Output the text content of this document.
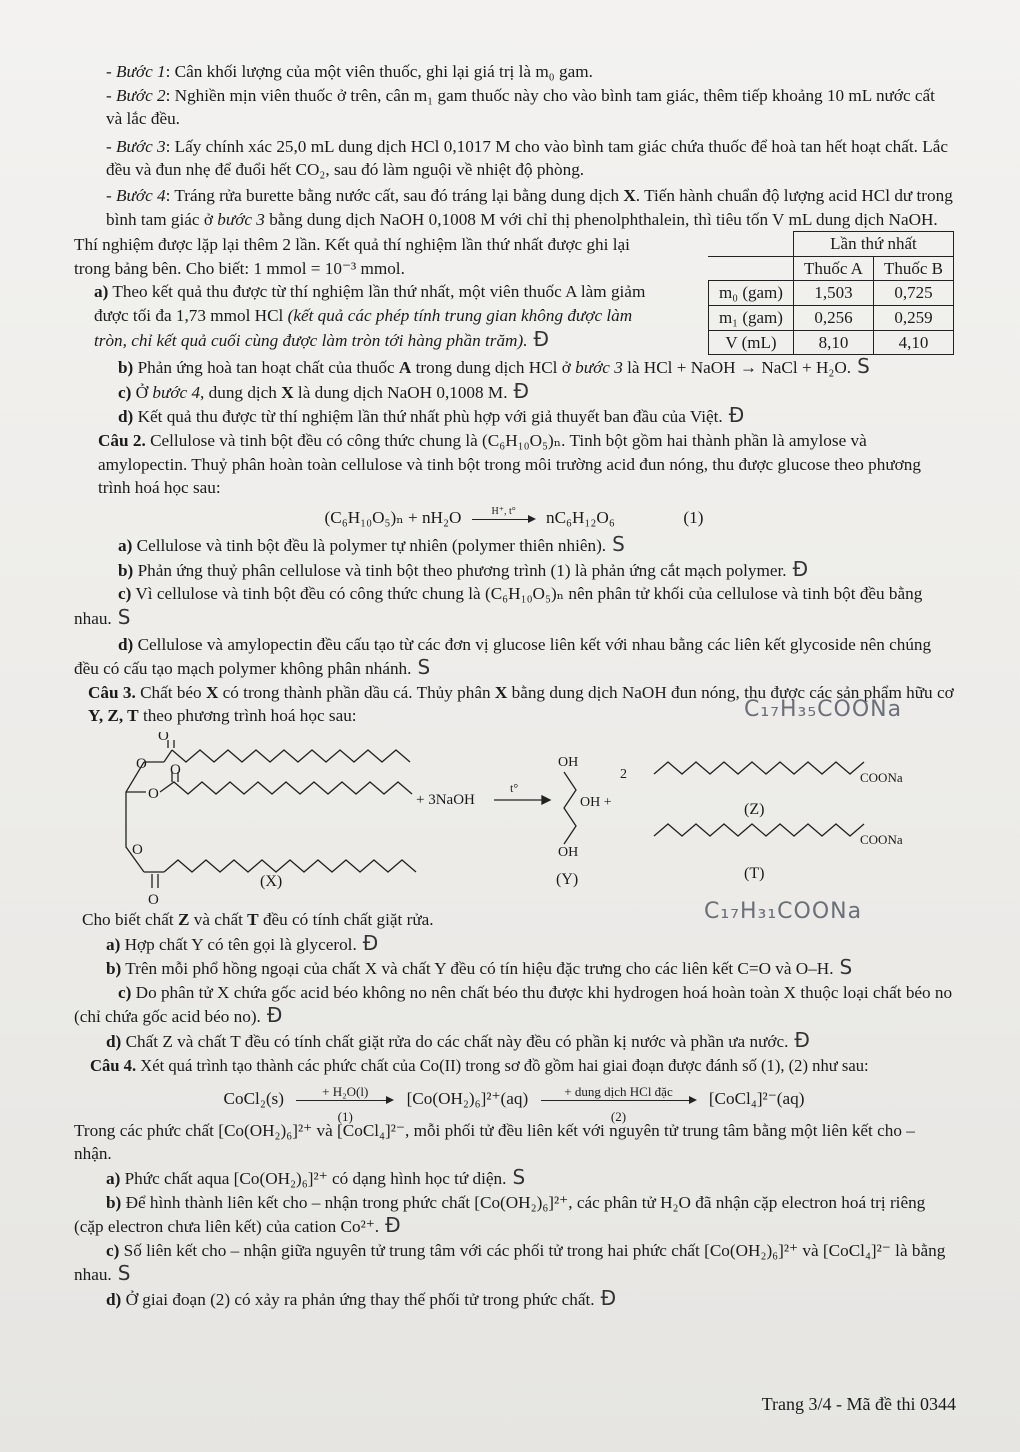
- Bước 1: Cân khối lượng của một viên thuốc, ghi lại giá trị là m₀ gam.

- Bước 2: Nghiền mịn viên thuốc ở trên, cân m₁ gam thuốc này cho vào bình tam giác, thêm tiếp khoảng 10 mL nước cất và lắc đều.

- Bước 3: Lấy chính xác 25,0 mL dung dịch HCl 0,1017 M cho vào bình tam giác chứa thuốc để hoà tan hết hoạt chất. Lắc đều và đun nhẹ để đuổi hết CO₂, sau đó làm nguội về nhiệt độ phòng.

- Bước 4: Tráng rửa burette bằng nước cất, sau đó tráng lại bằng dung dịch X. Tiến hành chuẩn độ lượng acid HCl dư trong bình tam giác ở bước 3 bằng dung dịch NaOH 0,1008 M với chỉ thị phenolphthalein, thì tiêu tốn V mL dung dịch NaOH.

Thí nghiệm được lặp lại thêm 2 lần. Kết quả thí nghiệm lần thứ nhất được ghi lại trong bảng bên. Cho biết: 1 mmol = 10⁻³ mmol.

a) Theo kết quả thu được từ thí nghiệm lần thứ nhất, một viên thuốc A làm giảm được tối đa 1,73 mmol HCl (kết quả các phép tính trung gian không được làm tròn, chỉ kết quả cuối cùng được làm tròn tới hàng phần trăm). Đ

	Lần thứ nhất	
	Thuốc A	Thuốc B
m₀ (gam)	1,503	0,725
m₁ (gam)	0,256	0,259
V (mL)	8,10	4,10

b) Phản ứng hoà tan hoạt chất của thuốc A trong dung dịch HCl ở bước 3 là HCl + NaOH → NaCl + H₂O. S

c) Ở bước 4, dung dịch X là dung dịch NaOH 0,1008 M. Đ

d) Kết quả thu được từ thí nghiệm lần thứ nhất phù hợp với giả thuyết ban đầu của Việt. Đ

Câu 2. Cellulose và tinh bột đều có công thức chung là (C₆H₁₀O₅)ₙ. Tinh bột gồm hai thành phần là amylose và amylopectin. Thuỷ phân hoàn toàn cellulose và tinh bột trong môi trường acid đun nóng, thu được glucose theo phương trình hoá học sau:

(C₆H₁₀O₅)ₙ + nH₂O	H⁺, t°	nC₆H₁₂O₆	(1)

a) Cellulose và tinh bột đều là polymer tự nhiên (polymer thiên nhiên). S

b) Phản ứng thuỷ phân cellulose và tinh bột theo phương trình (1) là phản ứng cắt mạch polymer. Đ

c) Vì cellulose và tinh bột đều có công thức chung là (C₆H₁₀O₅)ₙ nên phân tử khối của cellulose và tinh bột đều bằng nhau. S

d) Cellulose và amylopectin đều cấu tạo từ các đơn vị glucose liên kết với nhau bằng các liên kết glycoside nên chúng đều có cấu tạo mạch polymer không phân nhánh. S

Câu 3. Chất béo X có trong thành phần dầu cá. Thủy phân X bằng dung dịch NaOH đun nóng, thu được các sản phẩm hữu cơ Y, Z, T theo phương trình hoá học sau:

O
O O
O
O
O
+ 3NaOH
t°
OH
OH +
OH
2	COONa
COONa
(X)	(Y)
(Z)
(T)
C₁₇H₃₅COONa
C₁₇H₃₁COONa

Cho biết chất Z và chất T đều có tính chất giặt rửa.

a) Hợp chất Y có tên gọi là glycerol. Đ

b) Trên mỗi phổ hồng ngoại của chất X và chất Y đều có tín hiệu đặc trưng cho các liên kết C=O và O–H. S

c) Do phân tử X chứa gốc acid béo không no nên chất béo thu được khi hydrogen hoá hoàn toàn X thuộc loại chất béo no (chỉ chứa gốc acid béo no). Đ

d) Chất Z và chất T đều có tính chất giặt rửa do các chất này đều có phần kị nước và phần ưa nước. Đ

Câu 4. Xét quá trình tạo thành các phức chất của Co(II) trong sơ đồ gồm hai giai đoạn được đánh số (1), (2) như sau:

CoCl₂(s)	+ H₂O(l)
(1)
[Co(OH₂)₆]²⁺(aq)	+ dung dịch HCl đặc
(2)
[CoCl₄]²⁻(aq)

Trong các phức chất [Co(OH₂)₆]²⁺ và [CoCl₄]²⁻, mỗi phối tử đều liên kết với nguyên tử trung tâm bằng một liên kết cho – nhận.

a) Phức chất aqua [Co(OH₂)₆]²⁺ có dạng hình học tứ diện. S

b) Để hình thành liên kết cho – nhận trong phức chất [Co(OH₂)₆]²⁺, các phân tử H₂O đã nhận cặp electron hoá trị riêng (cặp electron chưa liên kết) của cation Co²⁺. Đ

c) Số liên kết cho – nhận giữa nguyên tử trung tâm với các phối tử trong hai phức chất [Co(OH₂)₆]²⁺ và [CoCl₄]²⁻ là bằng nhau. S

d) Ở giai đoạn (2) có xảy ra phản ứng thay thế phối tử trong phức chất. Đ

Trang 3/4 - Mã đề thi 0344
